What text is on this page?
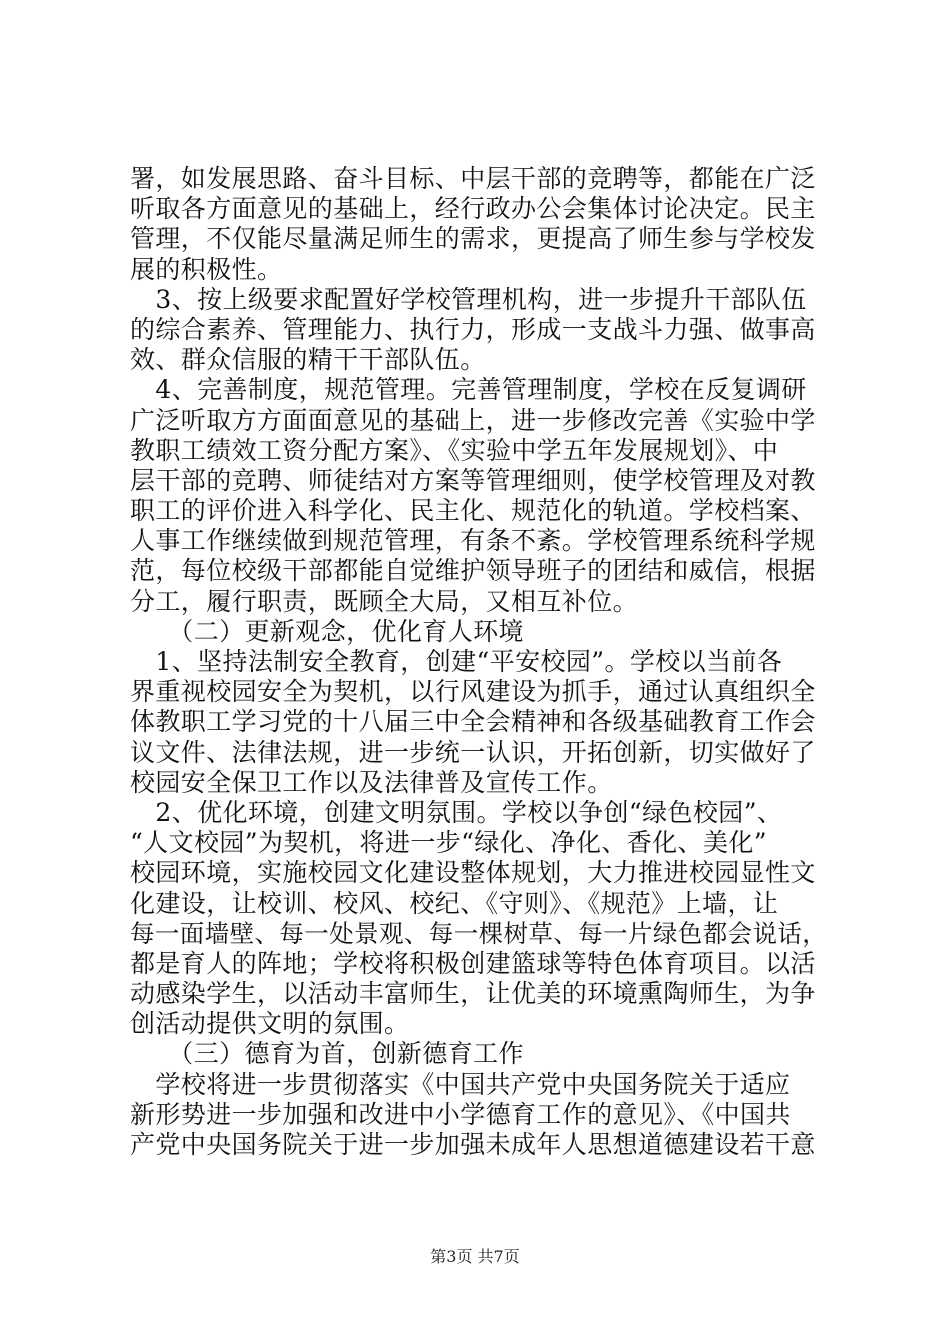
署，如发展思路、奋斗目标、中层干部的竞聘等，都能在广泛
听取各方面意见的基础上，经行政办公会集体讨论决定。民主
管理，不仅能尽量满足师生的需求，更提高了师生参与学校发
展的积极性。
　3、按上级要求配置好学校管理机构，进一步提升干部队伍
的综合素养、管理能力、执行力，形成一支战斗力强、做事高
效、群众信服的精干干部队伍。
　4、完善制度，规范管理。完善管理制度，学校在反复调研
广泛听取方方面面意见的基础上，进一步修改完善《实验中学
教职工绩效工资分配方案》、《实验中学五年发展规划》、中
层干部的竞聘、师徒结对方案等管理细则，使学校管理及对教
职工的评价进入科学化、民主化、规范化的轨道。学校档案、
人事工作继续做到规范管理，有条不紊。学校管理系统科学规
范，每位校级干部都能自觉维护领导班子的团结和威信，根据
分工，履行职责，既顾全大局，又相互补位。
　　（二）更新观念，优化育人环境
　1、坚持法制安全教育，创建“平安校园”。学校以当前各
界重视校园安全为契机，以行风建设为抓手，通过认真组织全
体教职工学习党的十八届三中全会精神和各级基础教育工作会
议文件、法律法规，进一步统一认识，开拓创新，切实做好了
校园安全保卫工作以及法律普及宣传工作。
　2、优化环境，创建文明氛围。学校以争创“绿色校园”、
“人文校园”为契机，将进一步“绿化、净化、香化、美化”
校园环境，实施校园文化建设整体规划，大力推进校园显性文
化建设，让校训、校风、校纪、《守则》、《规范》上墙，让
每一面墙壁、每一处景观、每一棵树草、每一片绿色都会说话，
都是育人的阵地；学校将积极创建篮球等特色体育项目。以活
动感染学生，以活动丰富师生，让优美的环境熏陶师生，为争
创活动提供文明的氛围。
　　（三）德育为首，创新德育工作
　学校将进一步贯彻落实《中国共产党中央国务院关于适应
新形势进一步加强和改进中小学德育工作的意见》、《中国共
产党中央国务院关于进一步加强未成年人思想道德建设若干意
第3页 共7页
